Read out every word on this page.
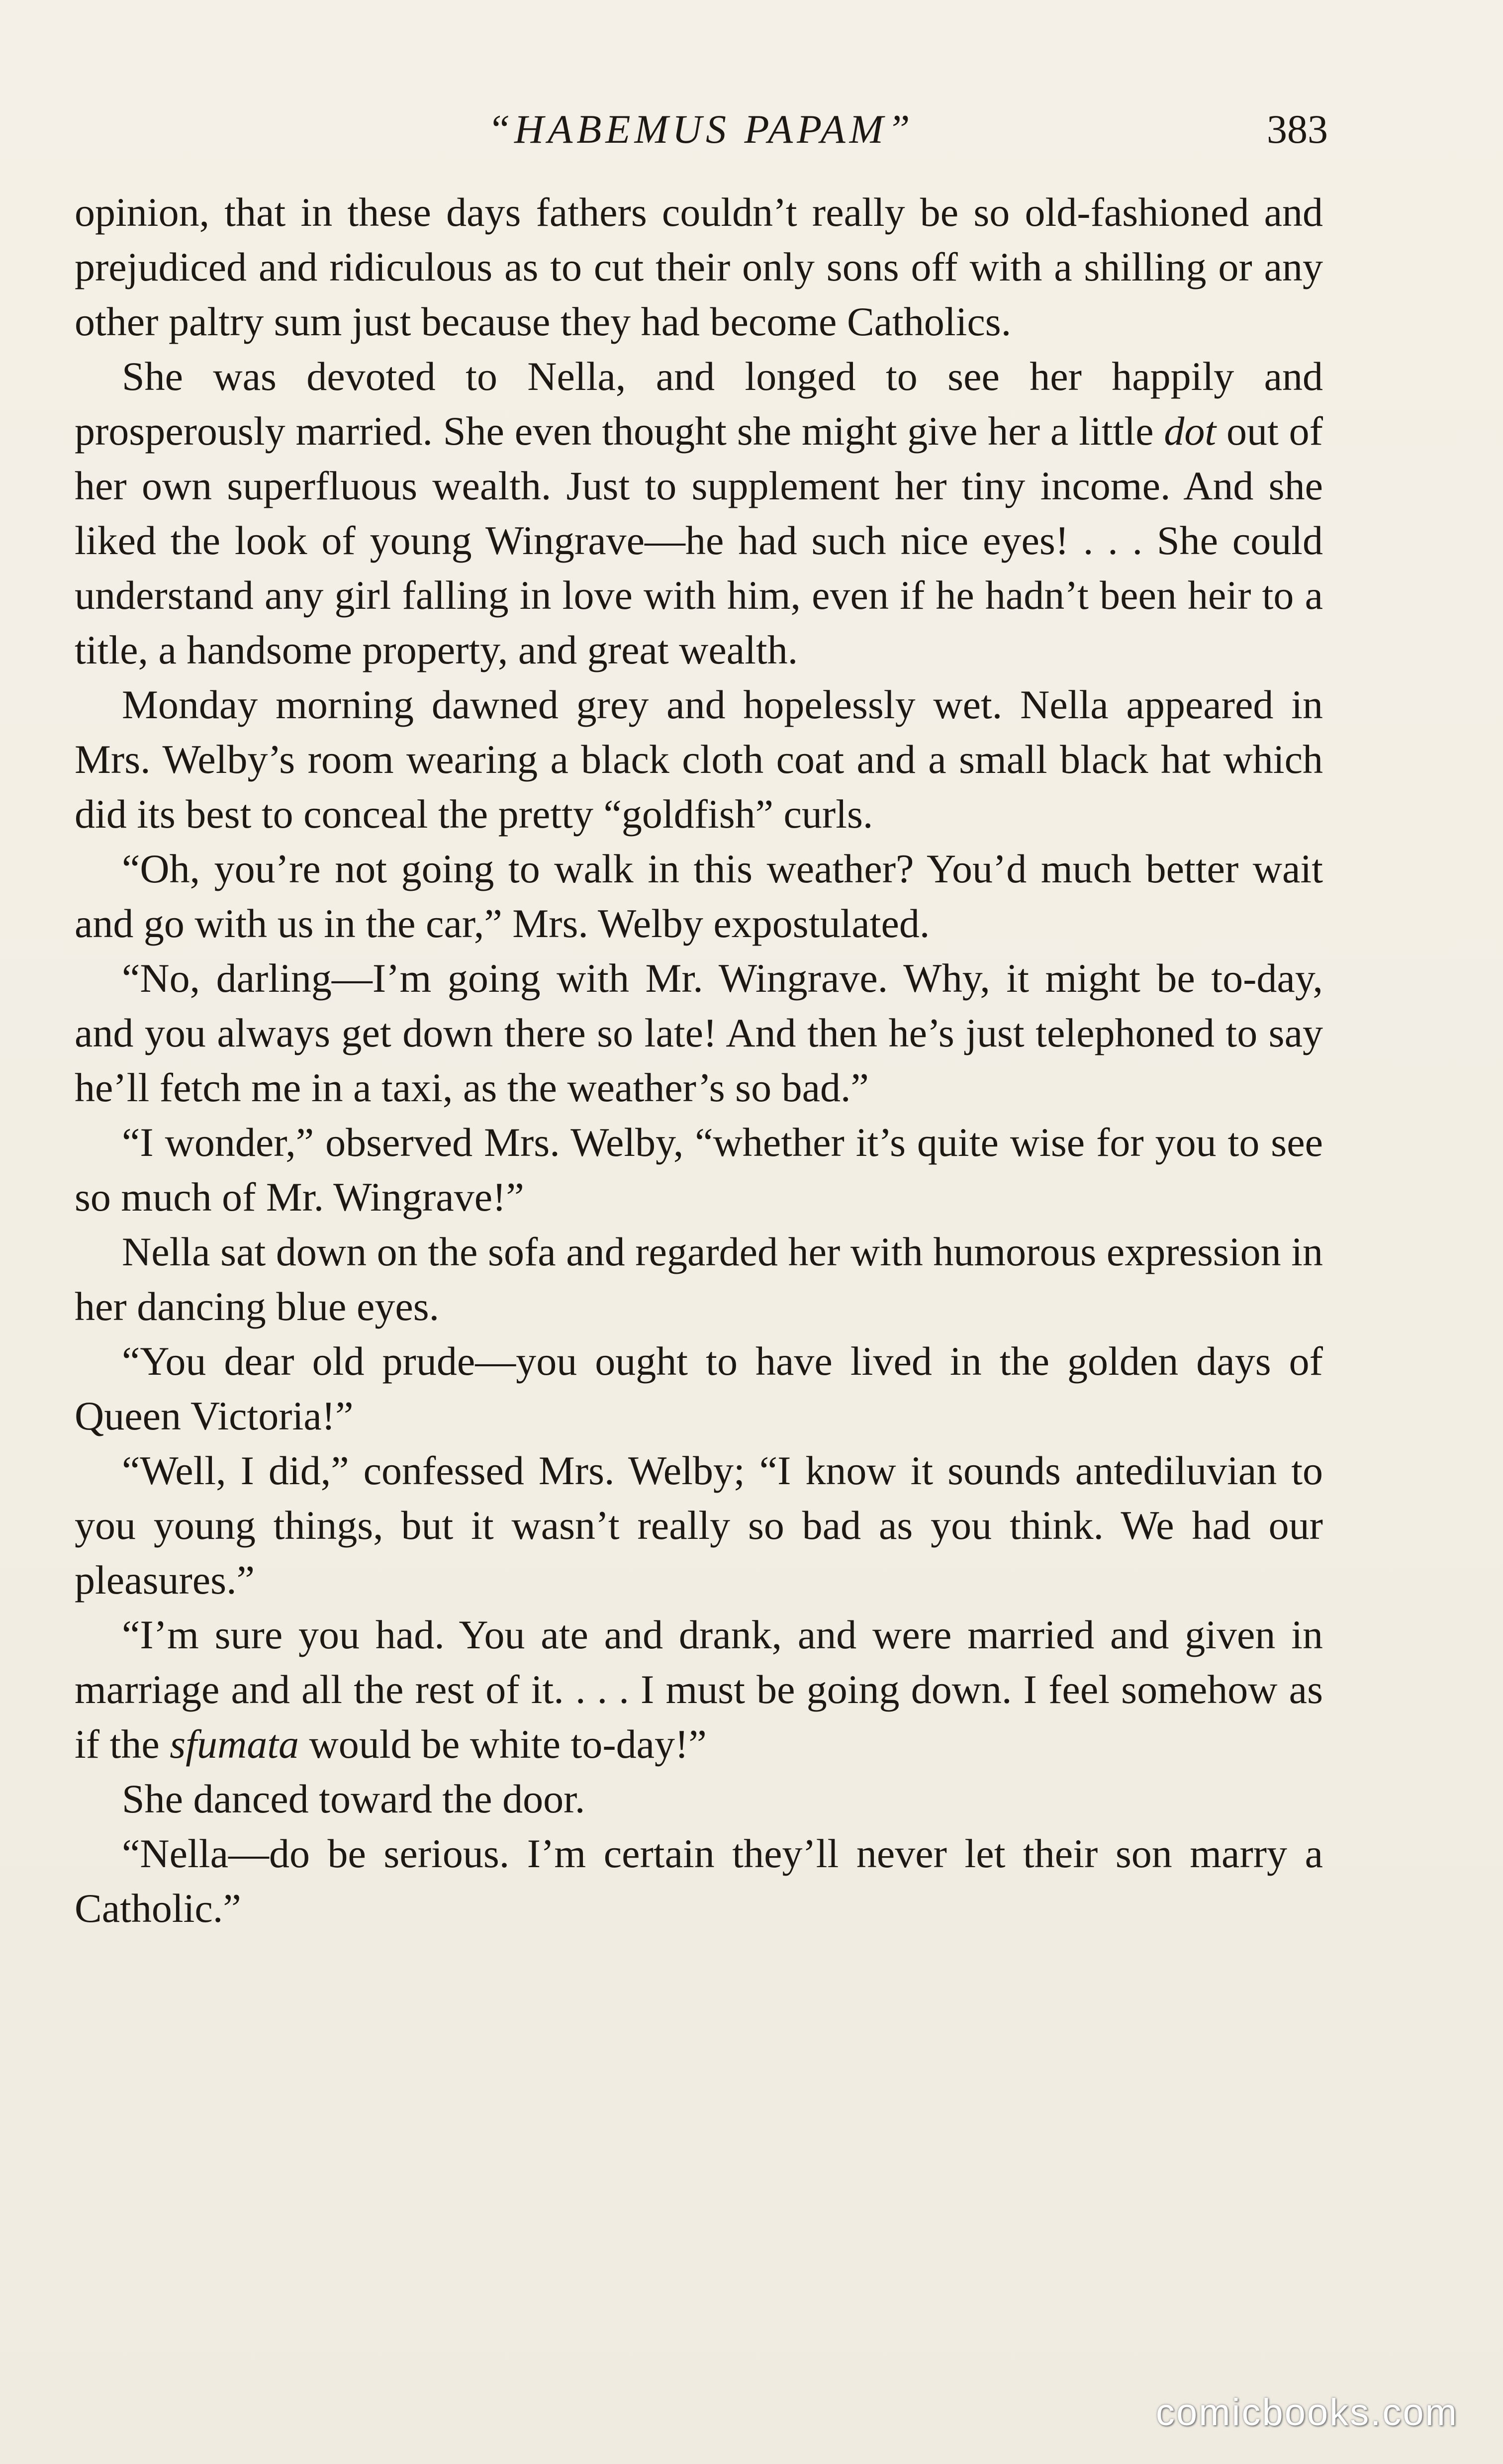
“HABEMUS PAPAM”	383

opinion, that in these days fathers couldn’t really be so old-fashioned and prejudiced and ridiculous as to cut their only sons off with a shilling or any other paltry sum just because they had become Catholics.

She was devoted to Nella, and longed to see her happily and prosperously married. She even thought she might give her a little dot out of her own superfluous wealth. Just to supplement her tiny income. And she liked the look of young Wingrave—he had such nice eyes! . . . She could understand any girl falling in love with him, even if he hadn’t been heir to a title, a handsome property, and great wealth.

Monday morning dawned grey and hopelessly wet. Nella appeared in Mrs. Welby’s room wearing a black cloth coat and a small black hat which did its best to conceal the pretty “goldfish” curls.

“Oh, you’re not going to walk in this weather? You’d much better wait and go with us in the car,” Mrs. Welby expostulated.

“No, darling—I’m going with Mr. Wingrave. Why, it might be to-day, and you always get down there so late! And then he’s just telephoned to say he’ll fetch me in a taxi, as the weather’s so bad.”

“I wonder,” observed Mrs. Welby, “whether it’s quite wise for you to see so much of Mr. Wingrave!”

Nella sat down on the sofa and regarded her with humorous expression in her dancing blue eyes.

“You dear old prude—you ought to have lived in the golden days of Queen Victoria!”

“Well, I did,” confessed Mrs. Welby; “I know it sounds antediluvian to you young things, but it wasn’t really so bad as you think. We had our pleasures.”

“I’m sure you had. You ate and drank, and were married and given in marriage and all the rest of it. . . . I must be going down. I feel somehow as if the sfumata would be white to-day!”

She danced toward the door.

“Nella—do be serious. I’m certain they’ll never let their son marry a Catholic.”

comicbooks.com
